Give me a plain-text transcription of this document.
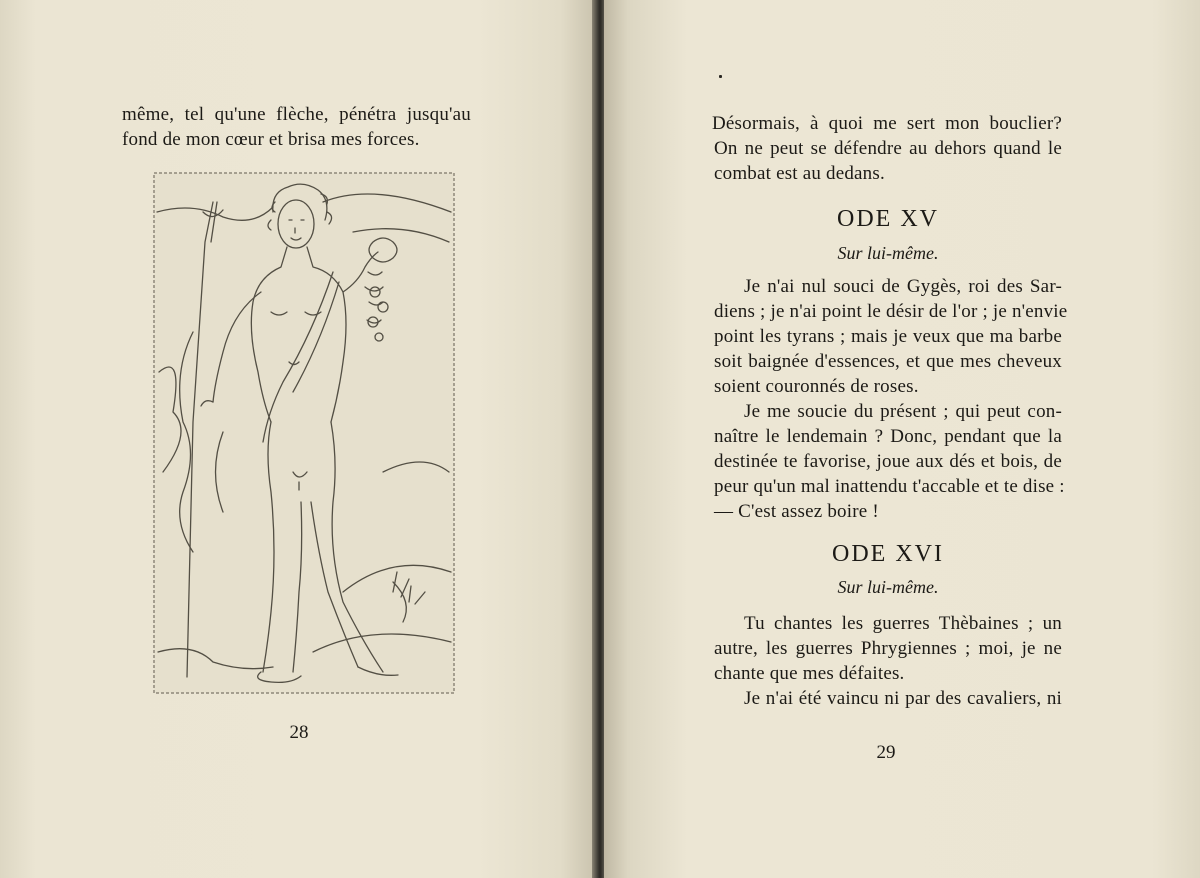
même, tel qu'une flèche, pénétra jusqu'au
fond de mon cœur et brisa mes forces.
28
Désormais, à quoi me sert mon bouclier?
On ne peut se défendre au dehors quand le
combat est au dedans.
ODE XV
Sur lui-même.
Je n'ai nul souci de Gygès, roi des Sar-
diens ; je n'ai point le désir de l'or ; je n'envie
point les tyrans ; mais je veux que ma barbe
soit baignée d'essences, et que mes cheveux
soient couronnés de roses.
Je me soucie du présent ; qui peut con-
naître le lendemain ? Donc, pendant que la
destinée te favorise, joue aux dés et bois, de
peur qu'un mal inattendu t'accable et te dise :
— C'est assez boire !
ODE XVI
Sur lui-même.
Tu chantes les guerres Thèbaines ; un
autre, les guerres Phrygiennes ; moi, je ne
chante que mes défaites.
Je n'ai été vaincu ni par des cavaliers, ni
29
